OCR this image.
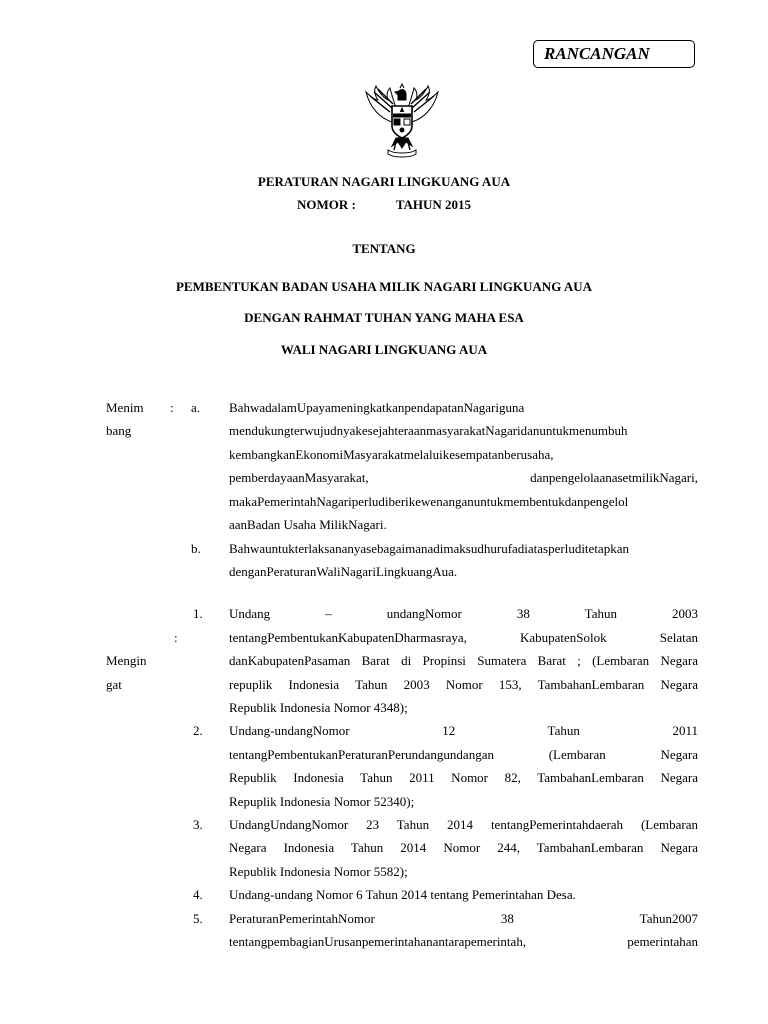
RANCANGAN
PERATURAN NAGARI LINGKUANG AUA
NOMOR :	TAHUN 2015
TENTANG
PEMBENTUKAN BADAN USAHA MILIK NAGARI LINGKUANG AUA
DENGAN RAHMAT TUHAN YANG MAHA ESA
WALI NAGARI LINGKUANG AUA
Menim
bang
: a. BahwadalamUpayameningkatkanpendapatanNagariguna
mendukungterwujudnyakesejahteraanmasyarakatNagaridanuntukmenumbuh
kembangkanEkonomiMasyarakatmelaluikesempatanberusaha,
pemberdayaanMasyarakat, danpengelolaanasetmilikNagari,
makaPemerintahNagariperludiberikewenanganuntukmembentukdanpengelol
aanBadan Usaha MilikNagari.
b. Bahwauntukterlaksananyasebagaimanadimaksudhurufadiatasperluditetapkan
denganPeraturanWaliNagariLingkuangAua.
:
Mengin
gat
1. Undang – undangNomor 38 Tahun 2003
tentangPembentukanKabupatenDharmasraya, KabupatenSolok Selatan
danKabupatenPasaman Barat di Propinsi Sumatera Barat ; (Lembaran Negara
repuplik Indonesia Tahun 2003 Nomor 153, TambahanLembaran Negara
Republik Indonesia Nomor 4348);
2. Undang-undangNomor 12 Tahun 2011
tentangPembentukanPeraturanPerundangundangan (Lembaran Negara
Republik Indonesia Tahun 2011 Nomor 82, TambahanLembaran Negara
Repuplik Indonesia Nomor 52340);
3. UndangUndangNomor 23 Tahun 2014 tentangPemerintahdaerah (Lembaran
Negara Indonesia Tahun 2014 Nomor 244, TambahanLembaran Negara
Republik Indonesia Nomor 5582);
4. Undang-undang Nomor 6 Tahun 2014 tentang Pemerintahan Desa.
5. PeraturanPemerintahNomor 38 Tahun2007
tentangpembagianUrusanpemerintahanantarapemerintah, pemerintahan
